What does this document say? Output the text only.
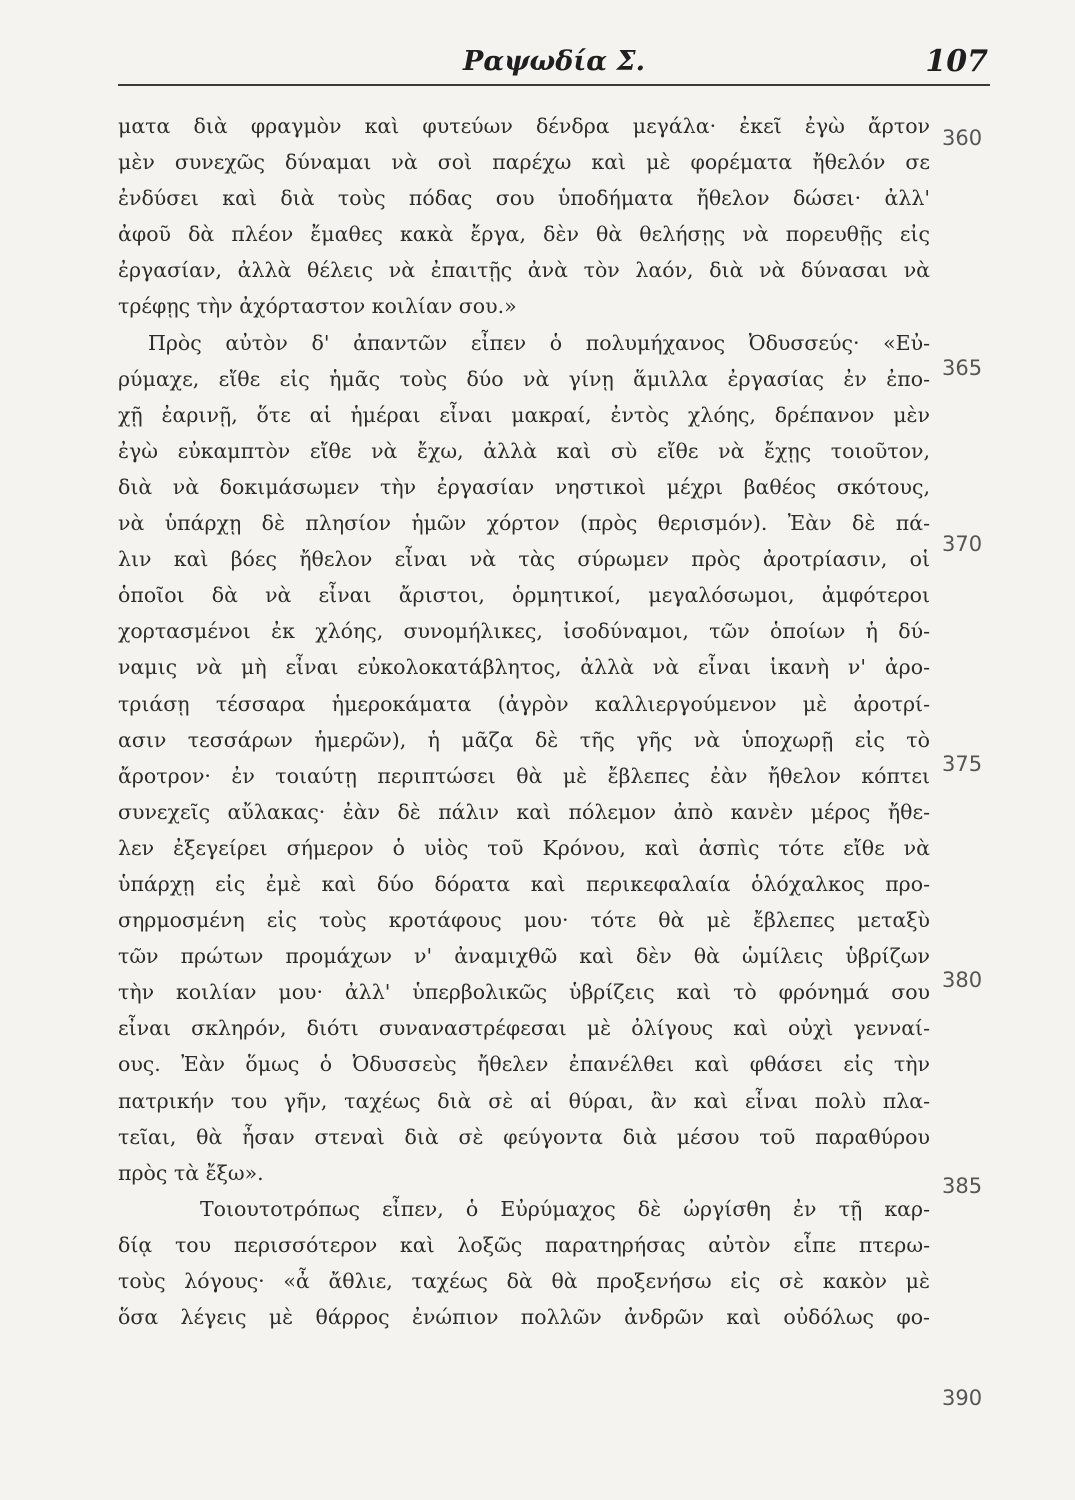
Ραψωδία Σ.	107
ματα διὰ φραγμὸν καὶ φυτεύων δένδρα μεγάλα· ἐκεῖ ἐγὼ ἄρτον
μὲν συνεχῶς δύναμαι νὰ σοὶ παρέχω καὶ μὲ φορέματα ἤθελόν σε
ἐνδύσει καὶ διὰ τοὺς πόδας σου ὑποδήματα ἤθελον δώσει· ἀλλ'
ἀφοῦ δὰ πλέον ἔμαθες κακὰ ἔργα, δὲν θὰ θελήσῃς νὰ πορευθῇς εἰς
ἐργασίαν, ἀλλὰ θέλεις νὰ ἐπαιτῇς ἀνὰ τὸν λαόν, διὰ νὰ δύνασαι νὰ
τρέφῃς τὴν ἀχόρταστον κοιλίαν σου.»
Πρὸς αὐτὸν δ' ἀπαντῶν εἶπεν ὁ πολυμήχανος Ὀδυσσεύς· «Εὐ-
ρύμαχε, εἴθε εἰς ἡμᾶς τοὺς δύο νὰ γίνῃ ἅμιλλα ἐργασίας ἐν ἐπο-
χῇ ἐαρινῇ, ὅτε αἱ ἡμέραι εἶναι μακραί, ἐντὸς χλόης, δρέπανον μὲν
ἐγὼ εὐκαμπτὸν εἴθε νὰ ἔχω, ἀλλὰ καὶ σὺ εἴθε νὰ ἔχῃς τοιοῦτον,
διὰ νὰ δοκιμάσωμεν τὴν ἐργασίαν νηστικοὶ μέχρι βαθέος σκότους,
νὰ ὑπάρχῃ δὲ πλησίον ἡμῶν χόρτον (πρὸς θερισμόν). Ἐὰν δὲ πά-
λιν καὶ βόες ἤθελον εἶναι νὰ τὰς σύρωμεν πρὸς ἀροτρίασιν, οἱ
ὁποῖοι δὰ νὰ εἶναι ἄριστοι, ὁρμητικοί, μεγαλόσωμοι, ἀμφότεροι
χορτασμένοι ἐκ χλόης, συνομήλικες, ἰσοδύναμοι, τῶν ὁποίων ἡ δύ-
ναμις νὰ μὴ εἶναι εὐκολοκατάβλητος, ἀλλὰ νὰ εἶναι ἱκανὴ ν' ἀρο-
τριάσῃ τέσσαρα ἡμεροκάματα (ἀγρὸν καλλιεργούμενον μὲ ἀροτρί-
ασιν τεσσάρων ἡμερῶν), ἡ μᾶζα δὲ τῆς γῆς νὰ ὑποχωρῇ εἰς τὸ
ἄροτρον· ἐν τοιαύτῃ περιπτώσει θὰ μὲ ἔβλεπες ἐὰν ἤθελον κόπτει
συνεχεῖς αὔλακας· ἐὰν δὲ πάλιν καὶ πόλεμον ἀπὸ κανὲν μέρος ἤθε-
λεν ἐξεγείρει σήμερον ὁ υἱὸς τοῦ Κρόνου, καὶ ἀσπὶς τότε εἴθε νὰ
ὑπάρχῃ εἰς ἐμὲ καὶ δύο δόρατα καὶ περικεφαλαία ὁλόχαλκος προ-
σηρμοσμένη εἰς τοὺς κροτάφους μου· τότε θὰ μὲ ἔβλεπες μεταξὺ
τῶν πρώτων προμάχων ν' ἀναμιχθῶ καὶ δὲν θὰ ὡμίλεις ὑβρίζων
τὴν κοιλίαν μου· ἀλλ' ὑπερβολικῶς ὑβρίζεις καὶ τὸ φρόνημά σου
εἶναι σκληρόν, διότι συναναστρέφεσαι μὲ ὀλίγους καὶ οὐχὶ γενναί-
ους. Ἐὰν ὅμως ὁ Ὀδυσσεὺς ἤθελεν ἐπανέλθει καὶ φθάσει εἰς τὴν
πατρικήν του γῆν, ταχέως διὰ σὲ αἱ θύραι, ἂν καὶ εἶναι πολὺ πλα-
τεῖαι, θὰ ἦσαν στεναὶ διὰ σὲ φεύγοντα διὰ μέσου τοῦ παραθύρου
πρὸς τὰ ἔξω».
Τοιουτοτρόπως εἶπεν, ὁ Εὐρύμαχος δὲ ὠργίσθη ἐν τῇ καρ-
δίᾳ του περισσότερον καὶ λοξῶς παρατηρήσας αὐτὸν εἶπε πτερω-
τοὺς λόγους· «ἆ ἄθλιε, ταχέως δὰ θὰ προξενήσω εἰς σὲ κακὸν μὲ
ὅσα λέγεις μὲ θάρρος ἐνώπιον πολλῶν ἀνδρῶν καὶ οὐδόλως φο-
360
365
370
375
380
385
390
